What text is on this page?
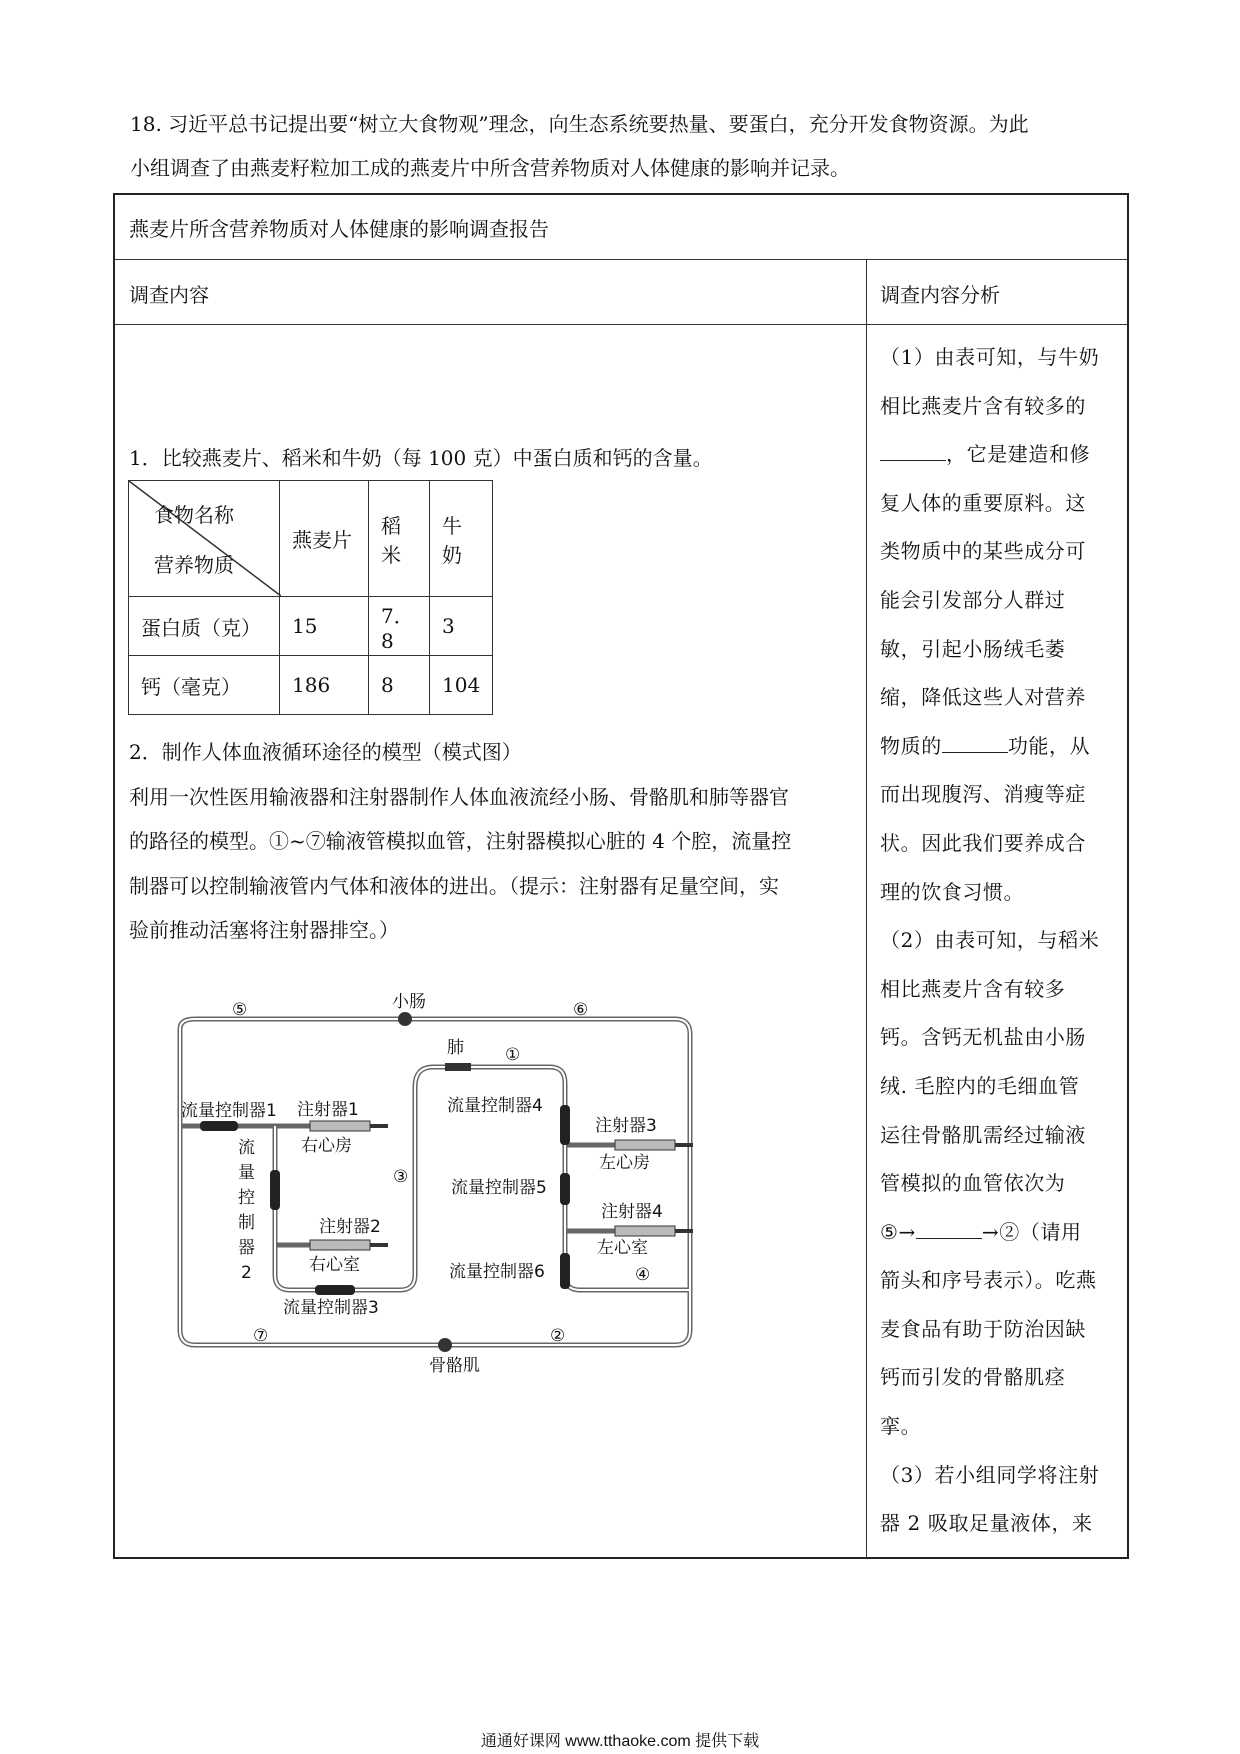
18. 习近平总书记提出要“树立大食物观”理念，向生态系统要热量、要蛋白，充分开发食物资源。为此

小组调查了由燕麦籽粒加工成的燕麦片中所含营养物质对人体健康的影响并记录。

燕麦片所含营养物质对人体健康的影响调查报告
调查内容	调查内容分析
1．比较燕麦片、稻米和牛奶（每 100 克）中蛋白质和钙的含量。
食物名称
营养物质	燕麦片	稻米	牛奶
蛋白质（克）	15	7．8	3
钙（毫克）	186	8	104

2．制作人体血液循环途径的模型（模式图）

利用一次性医用输液器和注射器制作人体血液流经小肠、骨骼肌和肺等器官

的路径的模型。①~⑦输液管模拟血管，注射器模拟心脏的 4 个腔，流量控

制器可以控制输液管内气体和液体的进出。（提示：注射器有足量空间，实

验前推动活塞将注射器排空。）

小肠
肺
骨骼肌
⑤	⑥
①
③
④
⑦	②
流量控制器1
流
量
控
制
器
2
流量控制器3
流量控制器4
流量控制器5
流量控制器6
注射器1
右心房
注射器2
右心室
注射器3
左心房
注射器4
左心室

（1）由表可知，与牛奶

相比燕麦片含有较多的

，它是建造和修

复人体的重要原料。这

类物质中的某些成分可

能会引发部分人群过

敏，引起小肠绒毛萎

缩，降低这些人对营养

物质的	功能，从

而出现腹泻、消瘦等症

状。因此我们要养成合

理的饮食习惯。

（2）由表可知，与稻米

相比燕麦片含有较多

钙。含钙无机盐由小肠

绒. 毛腔内的毛细血管

运往骨骼肌需经过输液

管模拟的血管依次为

⑤→	→②（请用

箭头和序号表示）。吃燕

麦食品有助于防治因缺

钙而引发的骨骼肌痉

挛。

（3）若小组同学将注射

器 2 吸取足量液体，来

通通好课网 www.tthaoke.com 提供下载
